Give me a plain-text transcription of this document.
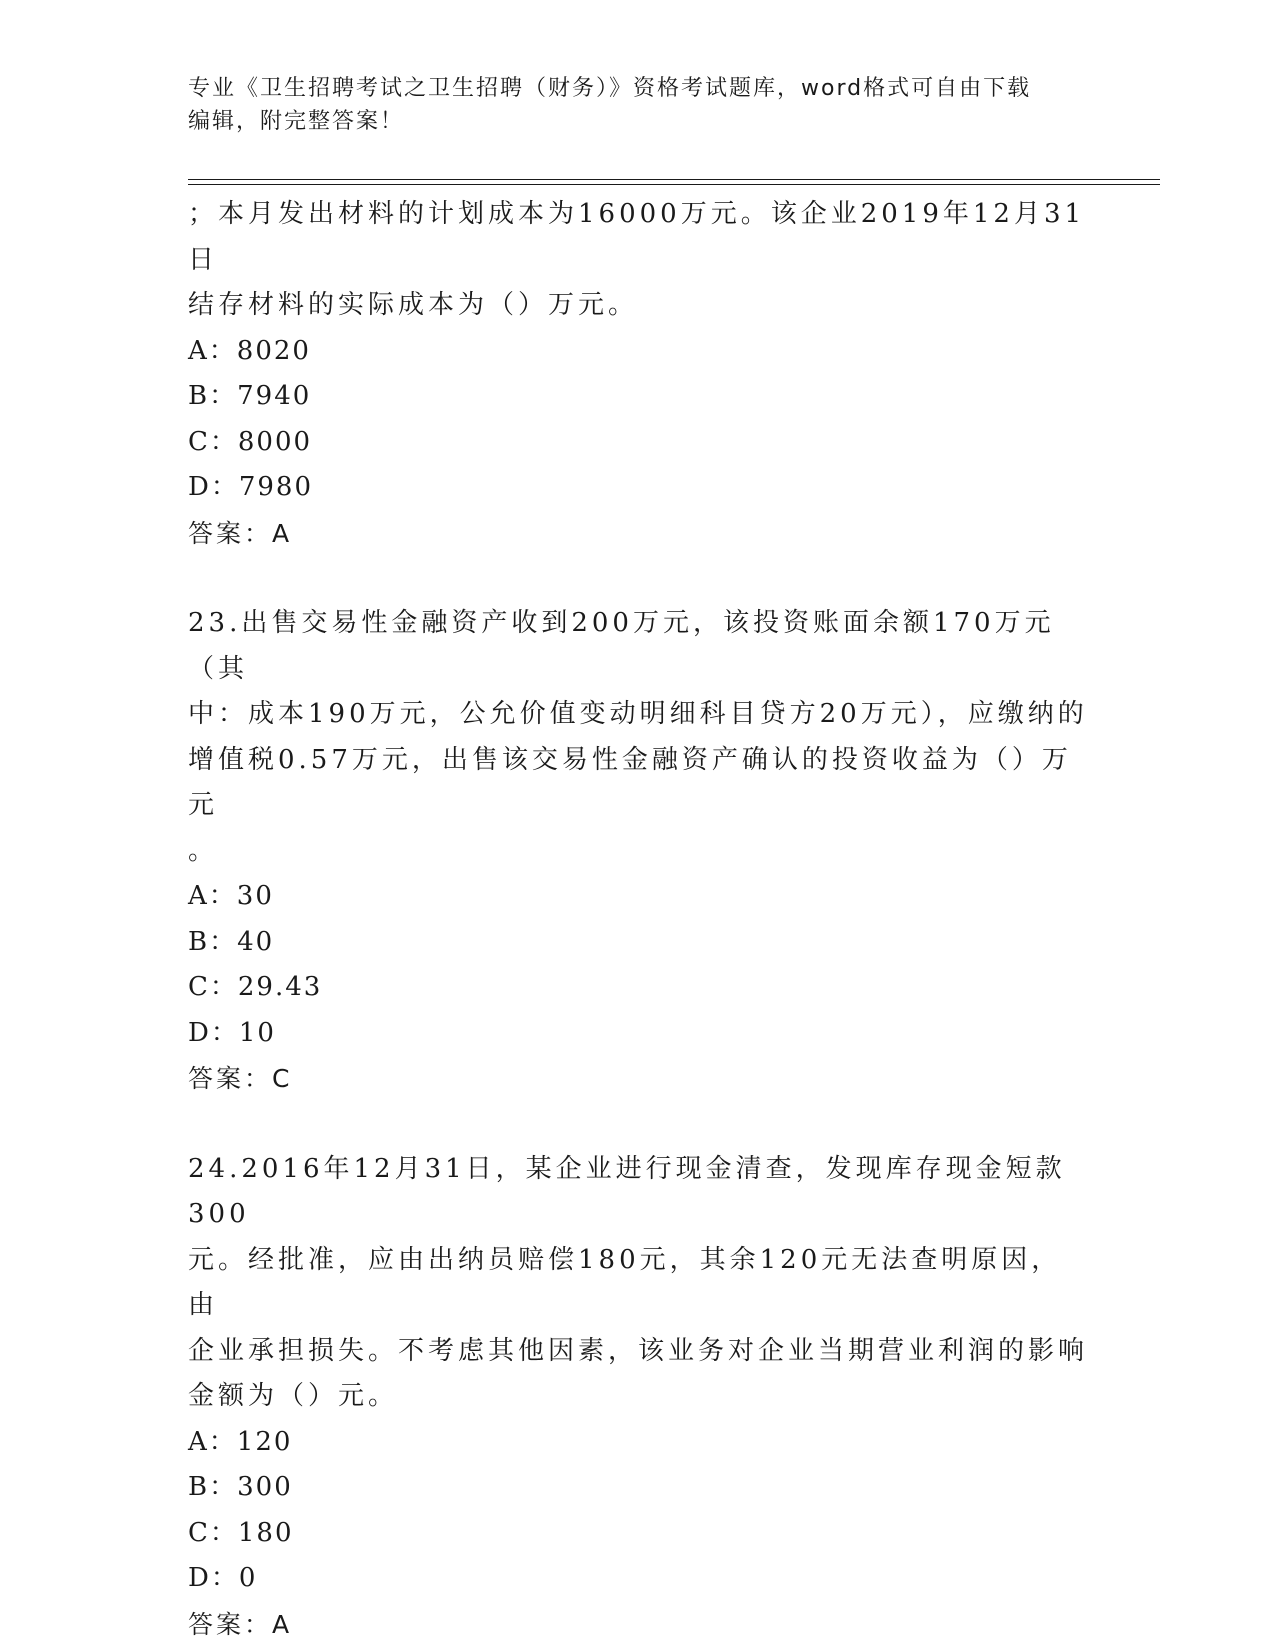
专业《卫生招聘考试之卫生招聘（财务）》资格考试题库，word格式可自由下载
编辑，附完整答案！

；本月发出材料的计划成本为16000万元。该企业2019年12月31日
结存材料的实际成本为（）万元。

A：8020

B：7940

C：8000

D：7980

答案：A

23.出售交易性金融资产收到200万元，该投资账面余额170万元（其
中：成本190万元，公允价值变动明细科目贷方20万元），应缴纳的
增值税0.57万元，出售该交易性金融资产确认的投资收益为（）万元
。

A：30

B：40

C：29.43

D：10

答案：C

24.2016年12月31日，某企业进行现金清查，发现库存现金短款300
元。经批准，应由出纳员赔偿180元，其余120元无法查明原因，由
企业承担损失。不考虑其他因素，该业务对企业当期营业利润的影响
金额为（）元。

A：120

B：300

C：180

D：0

答案：A
